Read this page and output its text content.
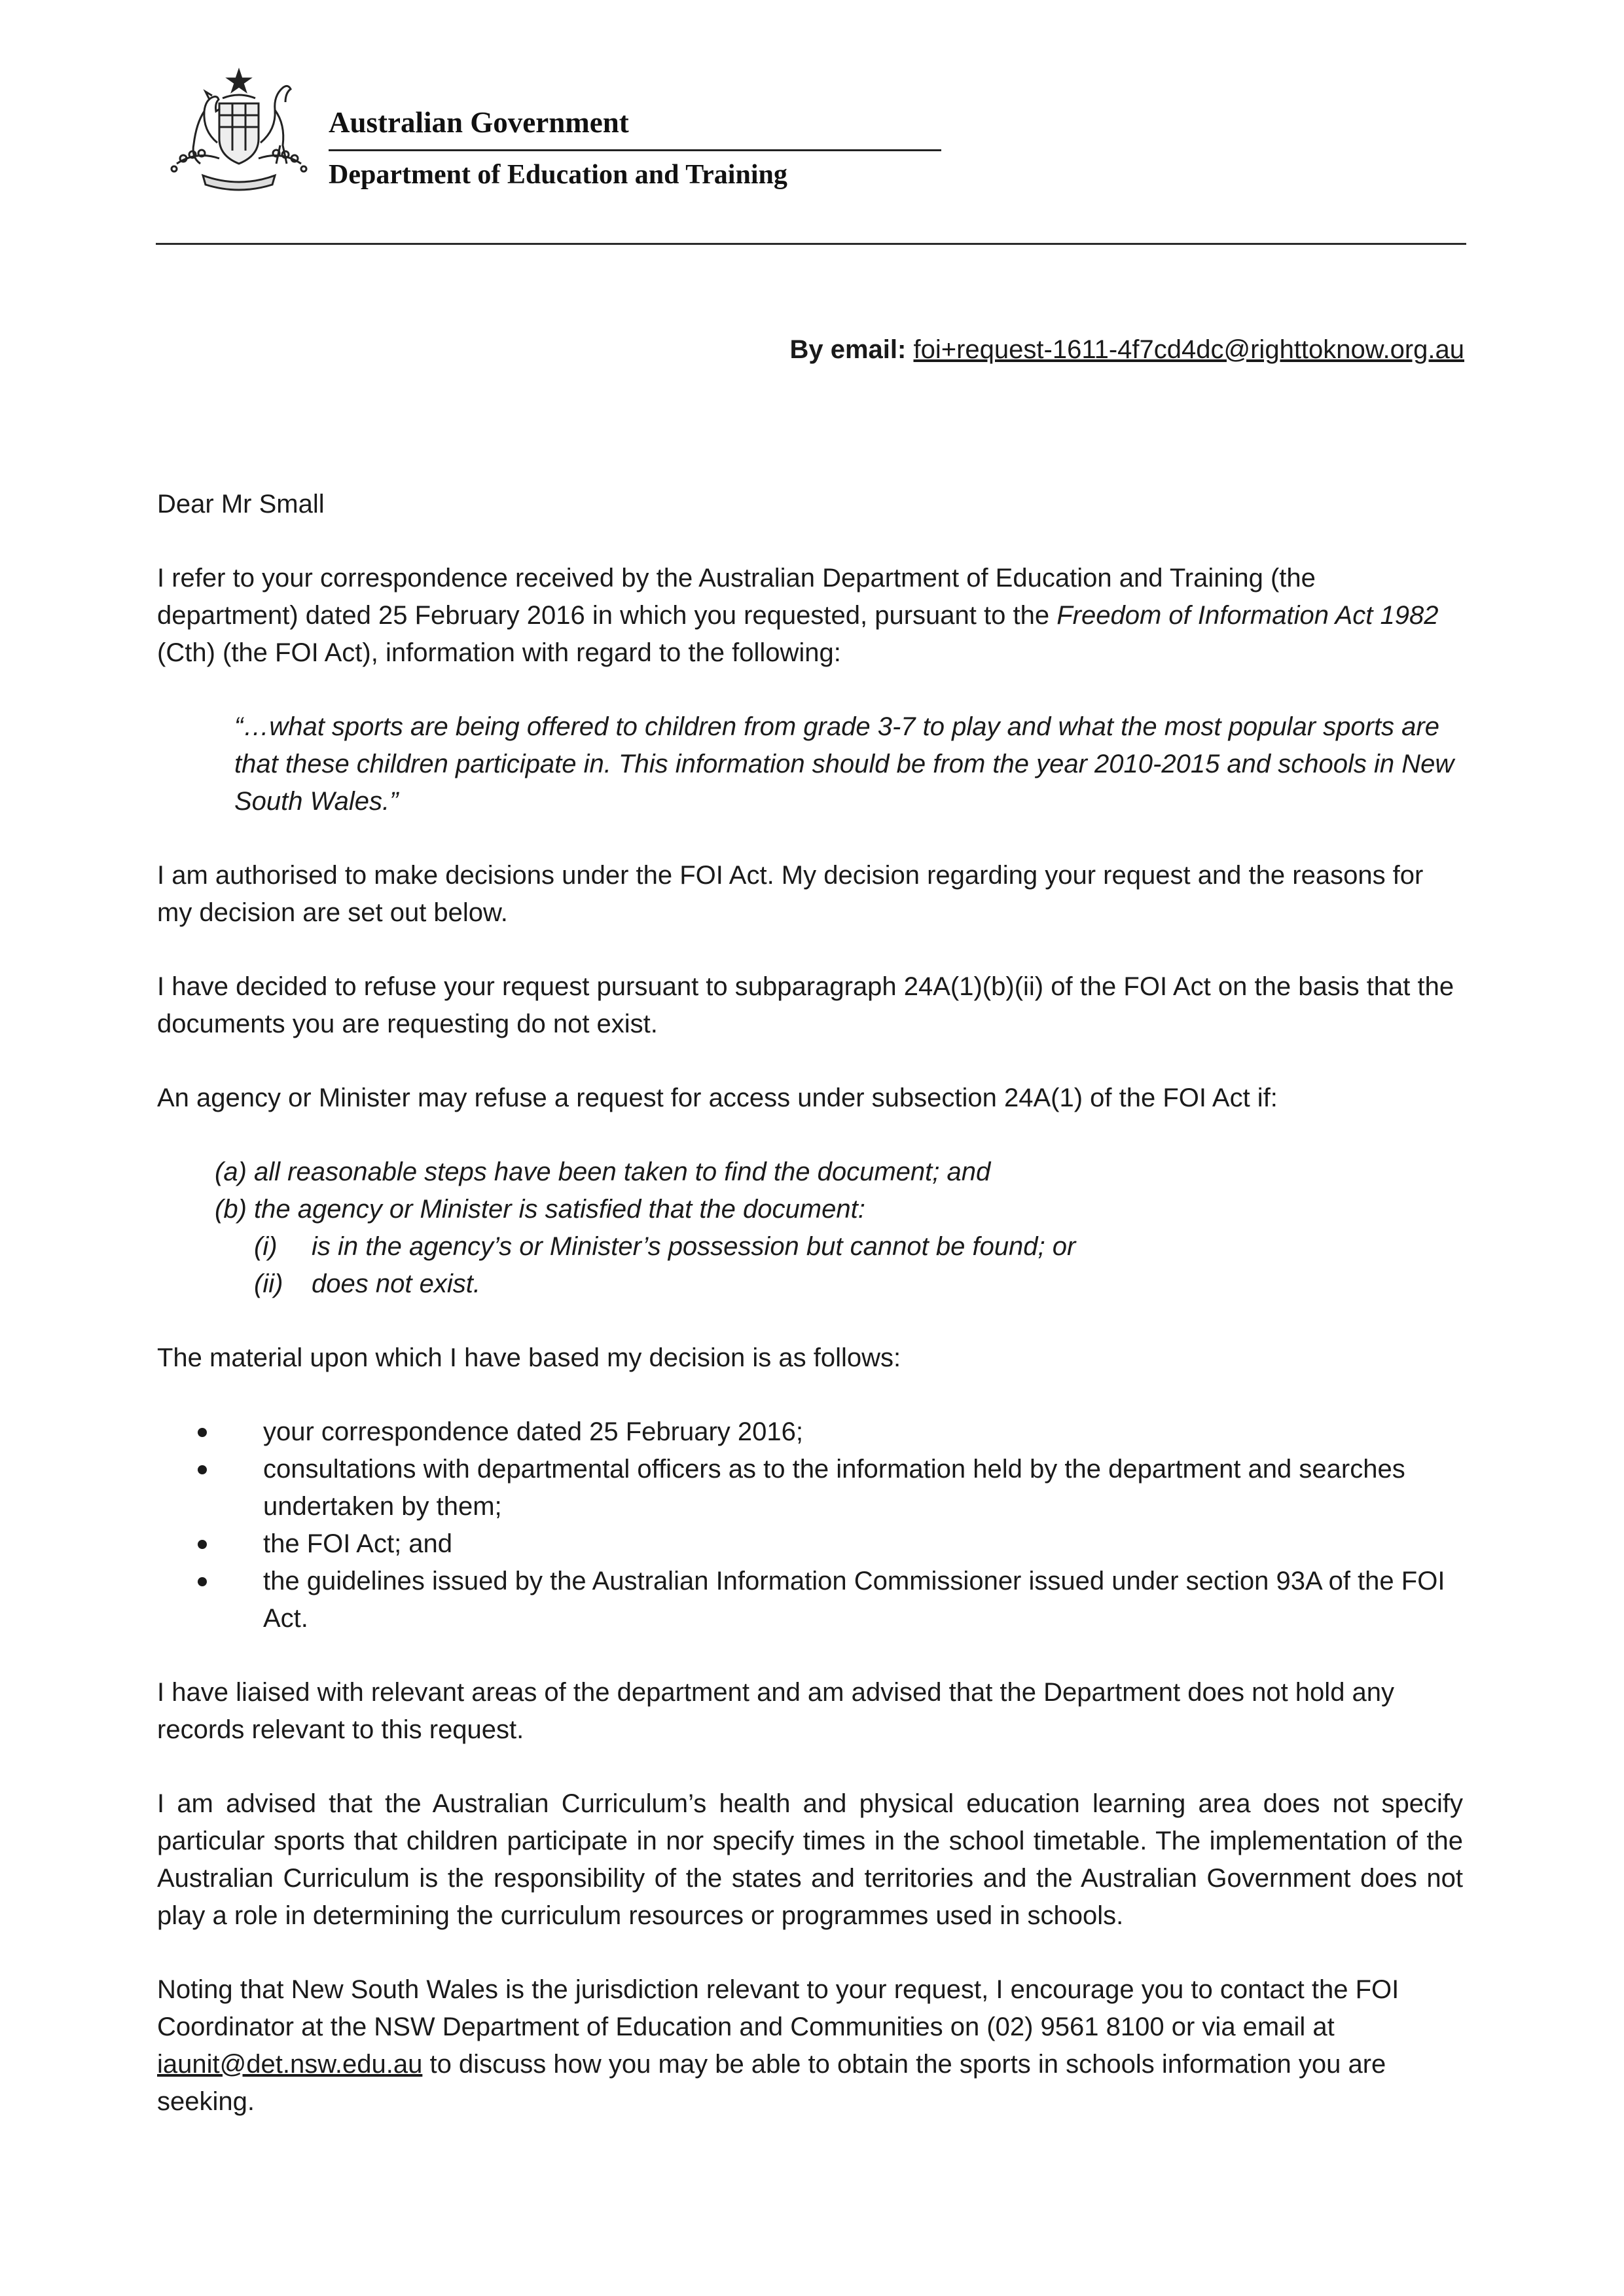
Australian Government
Department of Education and Training
By email: foi+request-1611-4f7cd4dc@righttoknow.org.au

Dear Mr Small

I refer to your correspondence received by the Australian Department of Education and Training (the department) dated 25 February 2016 in which you requested, pursuant to the Freedom of Information Act 1982 (Cth) (the FOI Act), information with regard to the following:

“…what sports are being offered to children from grade 3-7 to play and what the most popular sports are that these children participate in. This information should be from the year 2010-2015 and schools in New South Wales.”

I am authorised to make decisions under the FOI Act. My decision regarding your request and the reasons for my decision are set out below.

I have decided to refuse your request pursuant to subparagraph 24A(1)(b)(ii) of the FOI Act on the basis that the documents you are requesting do not exist.

An agency or Minister may refuse a request for access under subsection 24A(1) of the FOI Act if:

(a) all reasonable steps have been taken to find the document; and
(b) the agency or Minister is satisfied that the document:
(i) is in the agency’s or Minister’s possession but cannot be found; or
(ii) does not exist.

The material upon which I have based my decision is as follows:

your correspondence dated 25 February 2016;
consultations with departmental officers as to the information held by the department and searches undertaken by them;
the FOI Act; and
the guidelines issued by the Australian Information Commissioner issued under section 93A of the FOI Act.

I have liaised with relevant areas of the department and am advised that the Department does not hold any records relevant to this request.

I am advised that the Australian Curriculum’s health and physical education learning area does not specify particular sports that children participate in nor specify times in the school timetable. The implementation of the Australian Curriculum is the responsibility of the states and territories and the Australian Government does not play a role in determining the curriculum resources or programmes used in schools.

Noting that New South Wales is the jurisdiction relevant to your request, I encourage you to contact the FOI Coordinator at the NSW Department of Education and Communities on (02) 9561 8100 or via email at iaunit@det.nsw.edu.au to discuss how you may be able to obtain the sports in schools information you are seeking.
